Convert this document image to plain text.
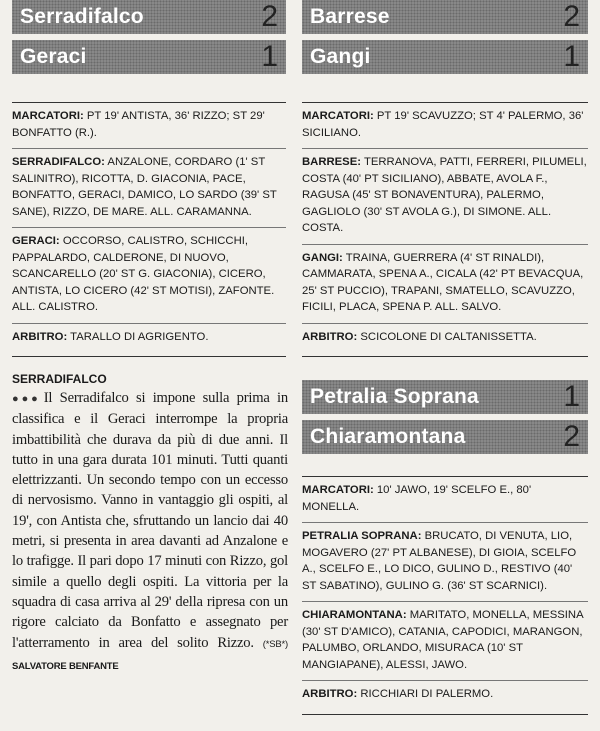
Serradifalco	2
Geraci	1
MARCATORI: PT 19' ANTISTA, 36' RIZZO; ST 29' BONFATTO (R.).
SERRADIFALCO: ANZALONE, CORDARO (1' ST SALINITRO), RICOTTA, D. GIACONIA, PACE, BONFATTO, GERACI, DAMICO, LO SARDO (39' ST SANE), RIZZO, DE MARE. ALL. CARAMANNA.
GERACI: OCCORSO, CALISTRO, SCHICCHI, PAPPALARDO, CALDERONE, DI NUOVO, SCANCARELLO (20' ST G. GIACONIA), CICERO, ANTISTA, LO CICERO (42' ST MOTISI), ZAFONTE. ALL. CALISTRO.
ARBITRO: TARALLO DI AGRIGENTO.
Barrese	2
Gangi	1
MARCATORI: PT 19' SCAVUZZO; ST 4' PALERMO, 36' SICILIANO.
BARRESE: TERRANOVA, PATTI, FERRERI, PILUMELI, COSTA (40' PT SICILIANO), ABBATE, AVOLA F., RAGUSA (45' ST BONAVENTURA), PALERMO, GAGLIOLO (30' ST AVOLA G.), DI SIMONE. ALL. COSTA.
GANGI: TRAINA, GUERRERA (4' ST RINALDI), CAMMARATA, SPENA A., CICALA (42' PT BEVACQUA, 25' ST PUCCIO), TRAPANI, SMATELLO, SCAVUZZO, FICILI, PLACA, SPENA P. ALL. SALVO.
ARBITRO: SCICOLONE DI CALTANISSETTA.
Petralia Soprana	1
Chiaramontana	2
MARCATORI: 10' JAWO, 19' SCELFO E., 80' MONELLA.
PETRALIA SOPRANA: BRUCATO, DI VENUTA, LIO, MOGAVERO (27' PT ALBANESE), DI GIOIA, SCELFO A., SCELFO E., LO DICO, GULINO D., RESTIVO (40' ST SABATINO), GULINO G. (36' ST SCARNICI).
CHIARAMONTANA: MARITATO, MONELLA, MESSINA (30' ST D'AMICO), CATANIA, CAPODICI, MARANGON, PALUMBO, ORLANDO, MISURACA (10' ST MANGIAPANE), ALESSI, JAWO.
ARBITRO: RICCHIARI DI PALERMO.
SERRADIFALCO

●●● Il Serradifalco si impone sulla prima in classifica e il Geraci interrompe la propria imbattibilità che durava da più di due anni. Il tutto in una gara durata 101 minuti. Tutti quanti elettrizzanti. Un secondo tempo con un eccesso di nervosismo. Vanno in vantaggio gli ospiti, al 19', con Antista che, sfruttando un lancio dai 40 metri, si presenta in area davanti ad Anzalone e lo trafigge. Il pari dopo 17 minuti con Rizzo, gol simile a quello degli ospiti. La vittoria per la squadra di casa arriva al 29' della ripresa con un rigore calciato da Bonfatto e assegnato per l'atterramento in area del solito Rizzo. (*SB*) SALVATORE BENFANTE
